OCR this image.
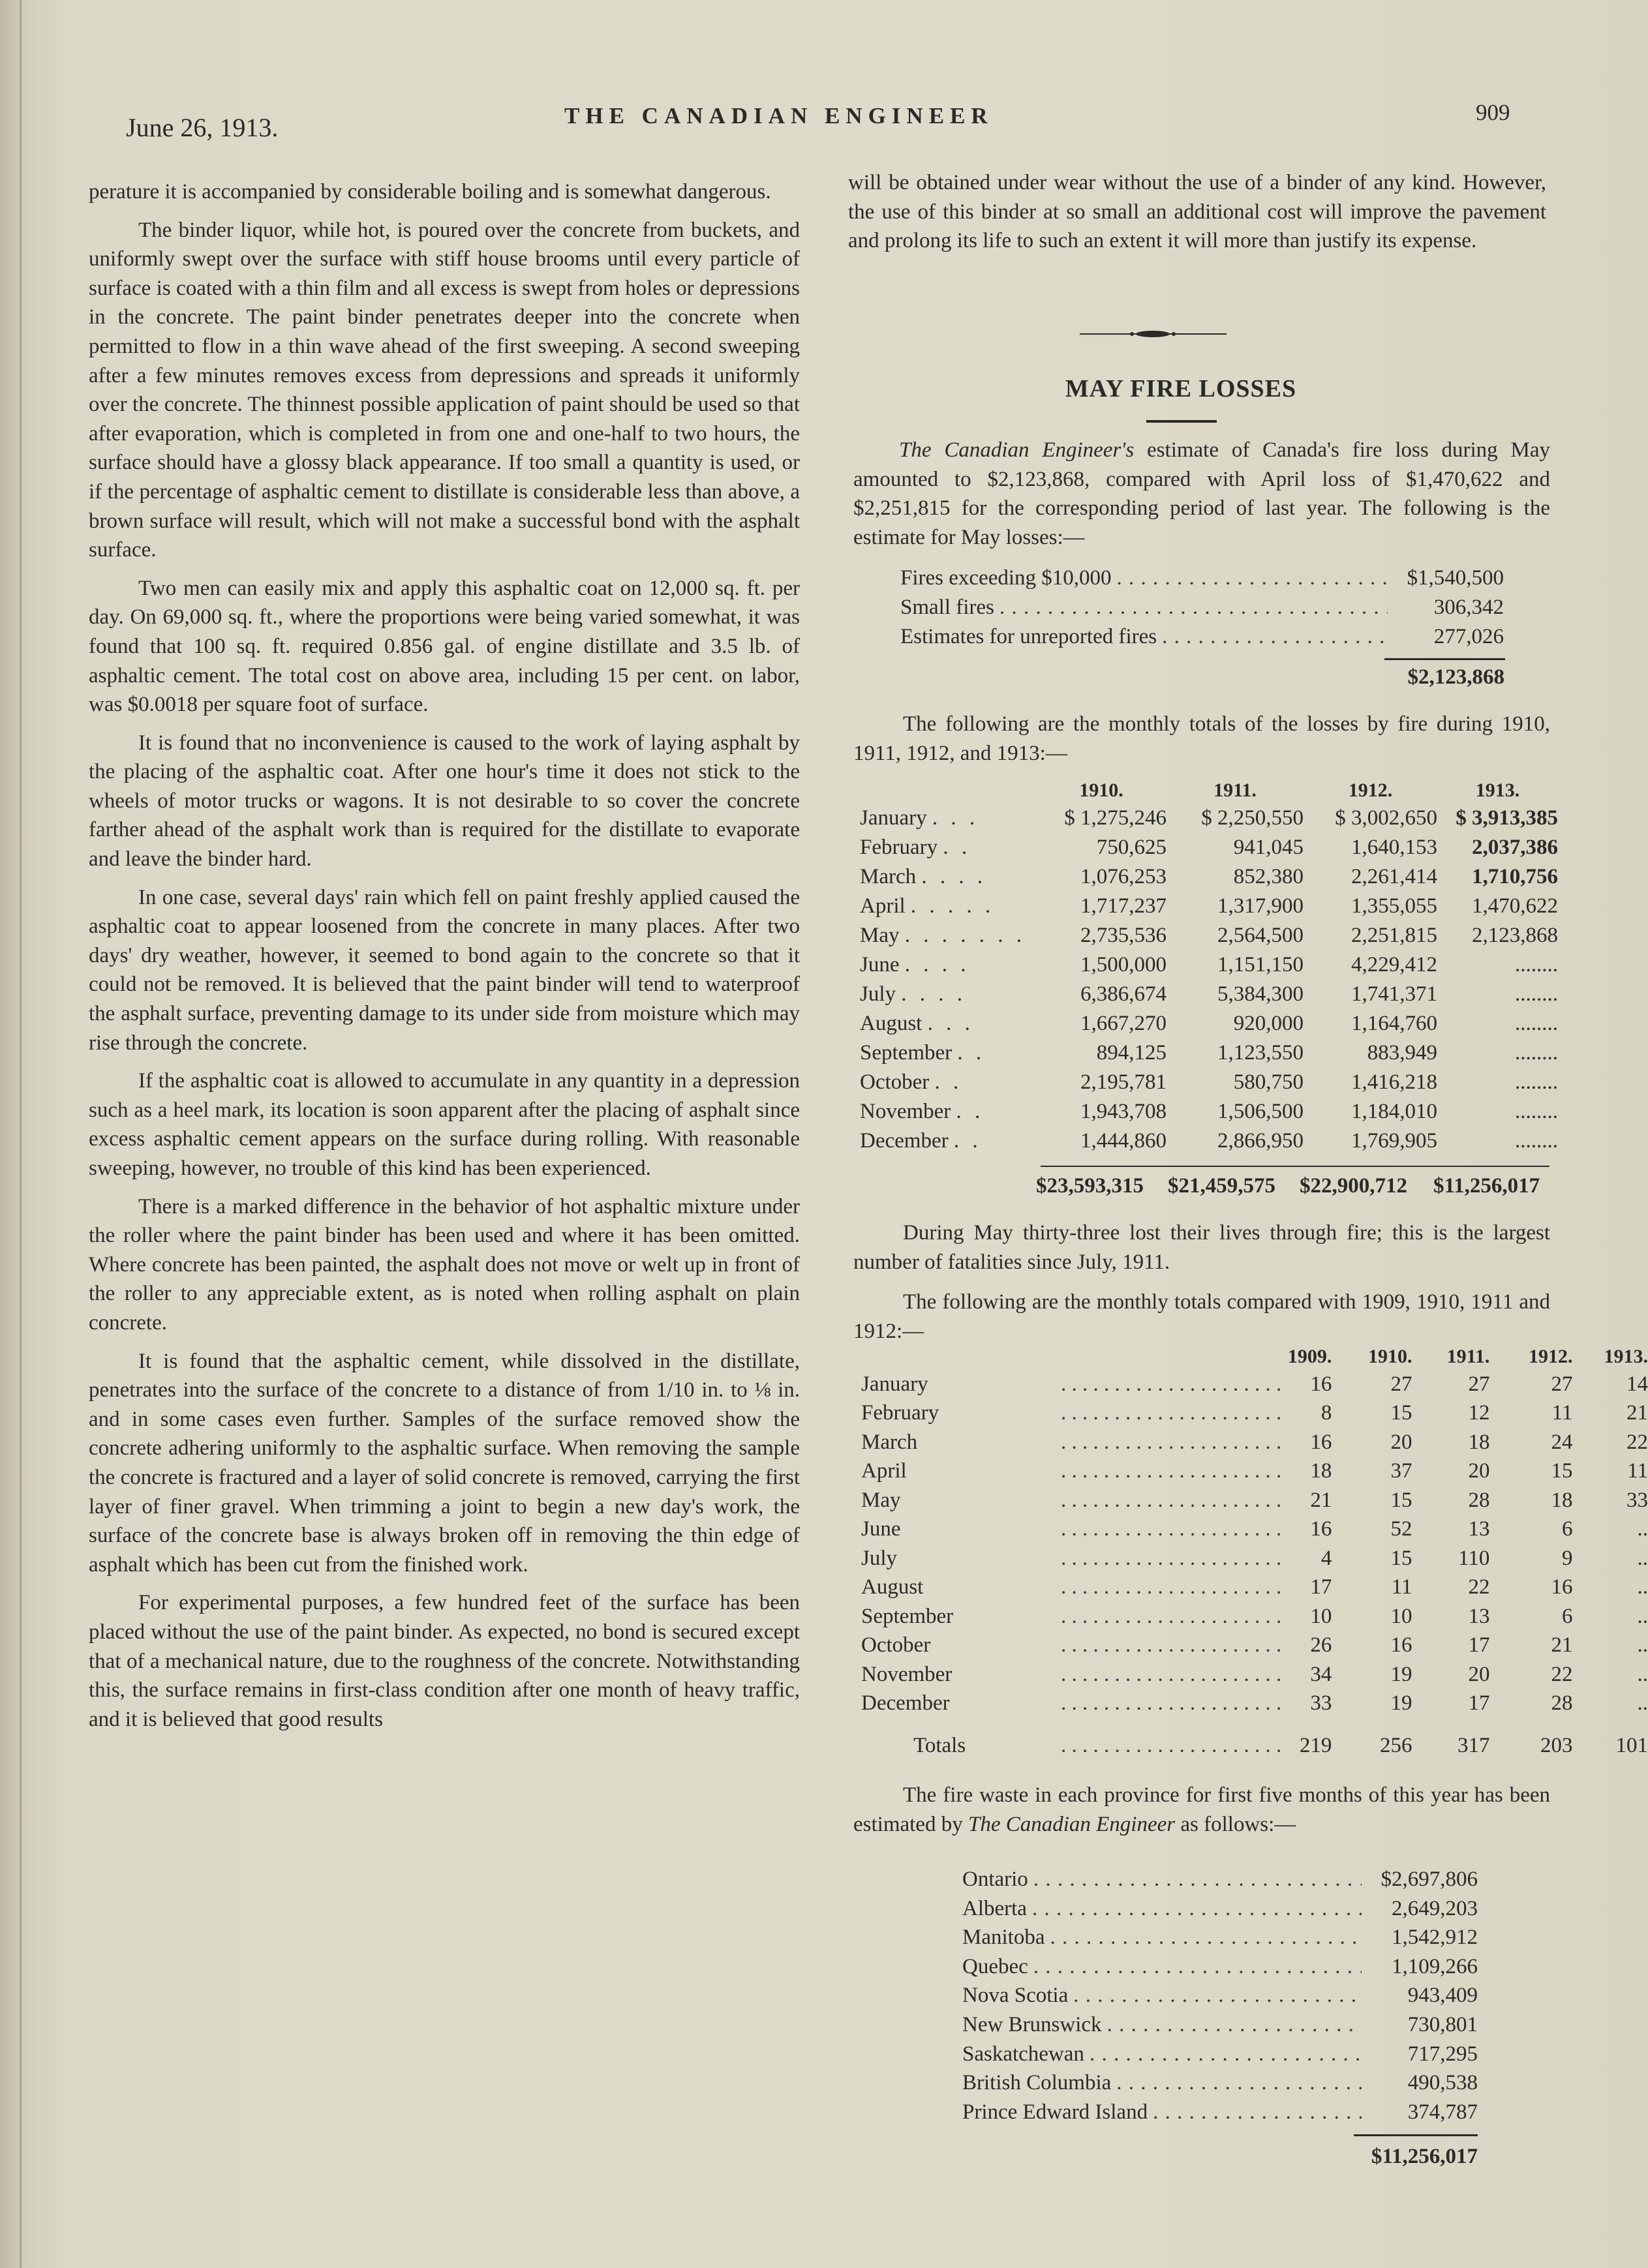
June 26, 1913.	THE CANADIAN ENGINEER	909

perature it is accompanied by considerable boiling and is somewhat dangerous.

The binder liquor, while hot, is poured over the concrete from buckets, and uniformly swept over the surface with stiff house brooms until every particle of surface is coated with a thin film and all excess is swept from holes or depressions in the concrete. The paint binder penetrates deeper into the concrete when permitted to flow in a thin wave ahead of the first sweeping. A second sweeping after a few minutes removes excess from depressions and spreads it uniformly over the concrete. The thinnest possible application of paint should be used so that after evaporation, which is completed in from one and one-half to two hours, the surface should have a glossy black appearance. If too small a quantity is used, or if the percentage of asphaltic cement to distillate is considerable less than above, a brown surface will result, which will not make a successful bond with the asphalt surface.

Two men can easily mix and apply this asphaltic coat on 12,000 sq. ft. per day. On 69,000 sq. ft., where the proportions were being varied somewhat, it was found that 100 sq. ft. required 0.856 gal. of engine distillate and 3.5 lb. of asphaltic cement. The total cost on above area, including 15 per cent. on labor, was $0.0018 per square foot of surface.

It is found that no inconvenience is caused to the work of laying asphalt by the placing of the asphaltic coat. After one hour's time it does not stick to the wheels of motor trucks or wagons. It is not desirable to so cover the concrete farther ahead of the asphalt work than is required for the distillate to evaporate and leave the binder hard.

In one case, several days' rain which fell on paint freshly applied caused the asphaltic coat to appear loosened from the concrete in many places. After two days' dry weather, however, it seemed to bond again to the concrete so that it could not be removed. It is believed that the paint binder will tend to waterproof the asphalt surface, preventing damage to its under side from moisture which may rise through the concrete.

If the asphaltic coat is allowed to accumulate in any quantity in a depression such as a heel mark, its location is soon apparent after the placing of asphalt since excess asphaltic cement appears on the surface during rolling. With reasonable sweeping, however, no trouble of this kind has been experienced.

There is a marked difference in the behavior of hot asphaltic mixture under the roller where the paint binder has been used and where it has been omitted. Where concrete has been painted, the asphalt does not move or welt up in front of the roller to any appreciable extent, as is noted when rolling asphalt on plain concrete.

It is found that the asphaltic cement, while dissolved in the distillate, penetrates into the surface of the concrete to a distance of from 1/10 in. to ⅛ in. and in some cases even further. Samples of the surface removed show the concrete adhering uniformly to the asphaltic surface. When removing the sample the concrete is fractured and a layer of solid concrete is removed, carrying the first layer of finer gravel. When trimming a joint to begin a new day's work, the surface of the concrete base is always broken off in removing the thin edge of asphalt which has been cut from the finished work.

For experimental purposes, a few hundred feet of the surface has been placed without the use of the paint binder. As expected, no bond is secured except that of a mechanical nature, due to the roughness of the concrete. Notwithstanding this, the surface remains in first-class condition after one month of heavy traffic, and it is believed that good results

will be obtained under wear without the use of a binder of any kind. However, the use of this binder at so small an additional cost will improve the pavement and prolong its life to such an extent it will more than justify its expense.
MAY FIRE LOSSES
The Canadian Engineer's estimate of Canada's fire loss during May amounted to $2,123,868, compared with April loss of $1,470,622 and $2,251,815 for the corresponding period of last year. The following is the estimate for May losses:—
Fires exceeding $10,000 . . .	$1,540,500
Small fires . . .	306,342
Estimates for unreported fires . . .	277,026
$2,123,868
The following are the monthly totals of the losses by fire during 1910, 1911, 1912, and 1913:—
	1910.	1911.	1912.	1913.
January . . .	$ 1,275,246	$ 2,250,550	$ 3,002,650	$ 3,913,385
February . .	750,625	941,045	1,640,153	2,037,386
March . . . .	1,076,253	852,380	2,261,414	1,710,756
April . . . . .	1,717,237	1,317,900	1,355,055	1,470,622
May . . . . . . .	2,735,536	2,564,500	2,251,815	2,123,868
June . . . .	1,500,000	1,151,150	4,229,412	........
July . . . .	6,386,674	5,384,300	1,741,371	........
August . . .	1,667,270	920,000	1,164,760	........
September . .	894,125	1,123,550	883,949	........
October . .	2,195,781	580,750	1,416,218	........
November . .	1,943,708	1,506,500	1,184,010	........
December . .	1,444,860	2,866,950	1,769,905	........
$23,593,315 $21,459,575 $22,900,712 $11,256,017
During May thirty-three lost their lives through fire; this is the largest number of fatalities since July, 1911.
The following are the monthly totals compared with 1909, 1910, 1911 and 1912:—
		1909.	1910.	1911.	1912.	1913.
January	. . .	16	27	27	27	14
February	. . .	8	15	12	11	21
March	. . .	16	20	18	24	22
April	. . .	18	37	20	15	11
May	. . .	21	15	28	18	33
June	. . .	16	52	13	6	..
July	. . .	4	15	110	9	..
August	. . .	17	11	22	16	..
September	. . .	10	10	13	6	..
October	. . .	26	16	17	21	..
November	. . .	34	19	20	22	..
December	. . .	33	19	17	28	..
Totals	. . .	219	256	317	203	101
The fire waste in each province for first five months of this year has been estimated by The Canadian Engineer as follows:—
Ontario . . .	$2,697,806
Alberta . . .	2,649,203
Manitoba . . .	1,542,912
Quebec . . .	1,109,266
Nova Scotia . . .	943,409
New Brunswick . . .	730,801
Saskatchewan . . .	717,295
British Columbia . . .	490,538
Prince Edward Island . . .	374,787
$11,256,017
